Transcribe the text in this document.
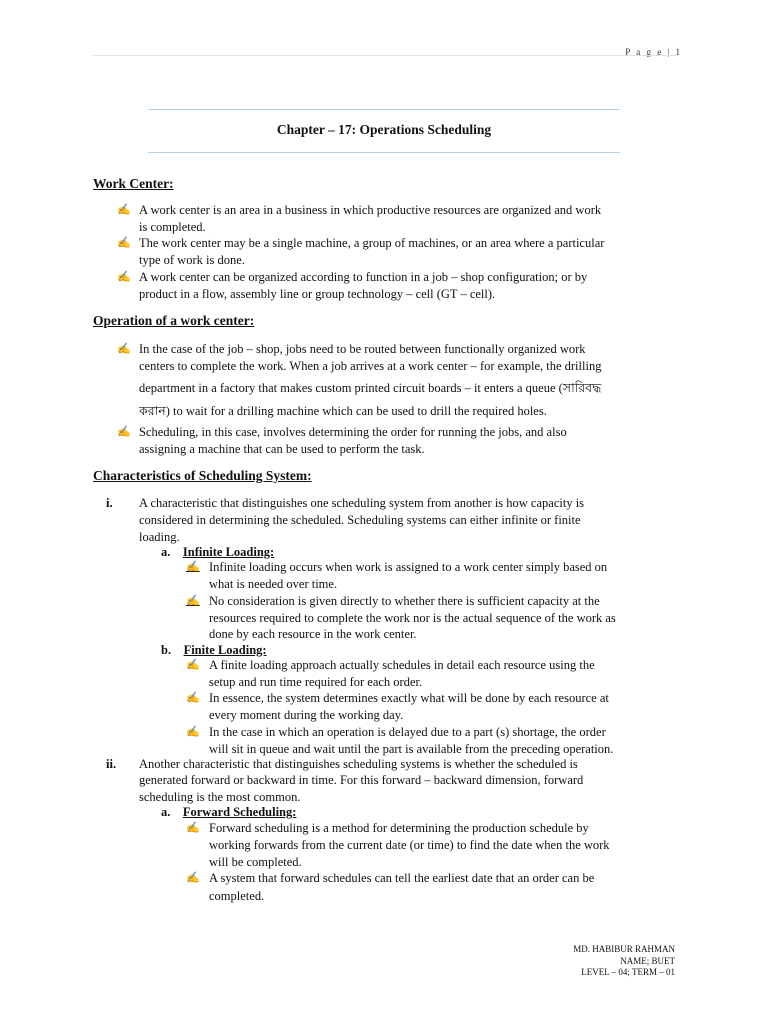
P a g e | 1
Chapter – 17: Operations Scheduling
Work Center:
✍ A work center is an area in a business in which productive resources are organized and work
is completed.
✍ The work center may be a single machine, a group of machines, or an area where a particular
type of work is done.
✍ A work center can be organized according to function in a job – shop configuration; or by
product in a flow, assembly line or group technology – cell (GT – cell).
Operation of a work center:
✍ In the case of the job – shop, jobs need to be routed between functionally organized work
centers to complete the work. When a job arrives at a work center – for example, the drilling
department in a factory that makes custom printed circuit boards – it enters a queue (সারিবদ্ধ
করান) to wait for a drilling machine which can be used to drill the required holes.
✍ Scheduling, in this case, involves determining the order for running the jobs, and also
assigning a machine that can be used to perform the task.
Characteristics of Scheduling System:
i. A characteristic that distinguishes one scheduling system from another is how capacity is
considered in determining the scheduled. Scheduling systems can either infinite or finite
loading.
a. Infinite Loading:
✍ Infinite loading occurs when work is assigned to a work center simply based on
what is needed over time.
✍ No consideration is given directly to whether there is sufficient capacity at the
resources required to complete the work nor is the actual sequence of the work as
done by each resource in the work center.
b. Finite Loading:
✍ A finite loading approach actually schedules in detail each resource using the
setup and run time required for each order.
✍ In essence, the system determines exactly what will be done by each resource at
every moment during the working day.
✍ In the case in which an operation is delayed due to a part (s) shortage, the order
will sit in queue and wait until the part is available from the preceding operation.
ii. Another characteristic that distinguishes scheduling systems is whether the scheduled is
generated forward or backward in time. For this forward – backward dimension, forward
scheduling is the most common.
a. Forward Scheduling:
✍ Forward scheduling is a method for determining the production schedule by
working forwards from the current date (or time) to find the date when the work
will be completed.
✍ A system that forward schedules can tell the earliest date that an order can be
completed.
MD. HABIBUR RAHMAN
NAME; BUET
LEVEL – 04; TERM – 01
